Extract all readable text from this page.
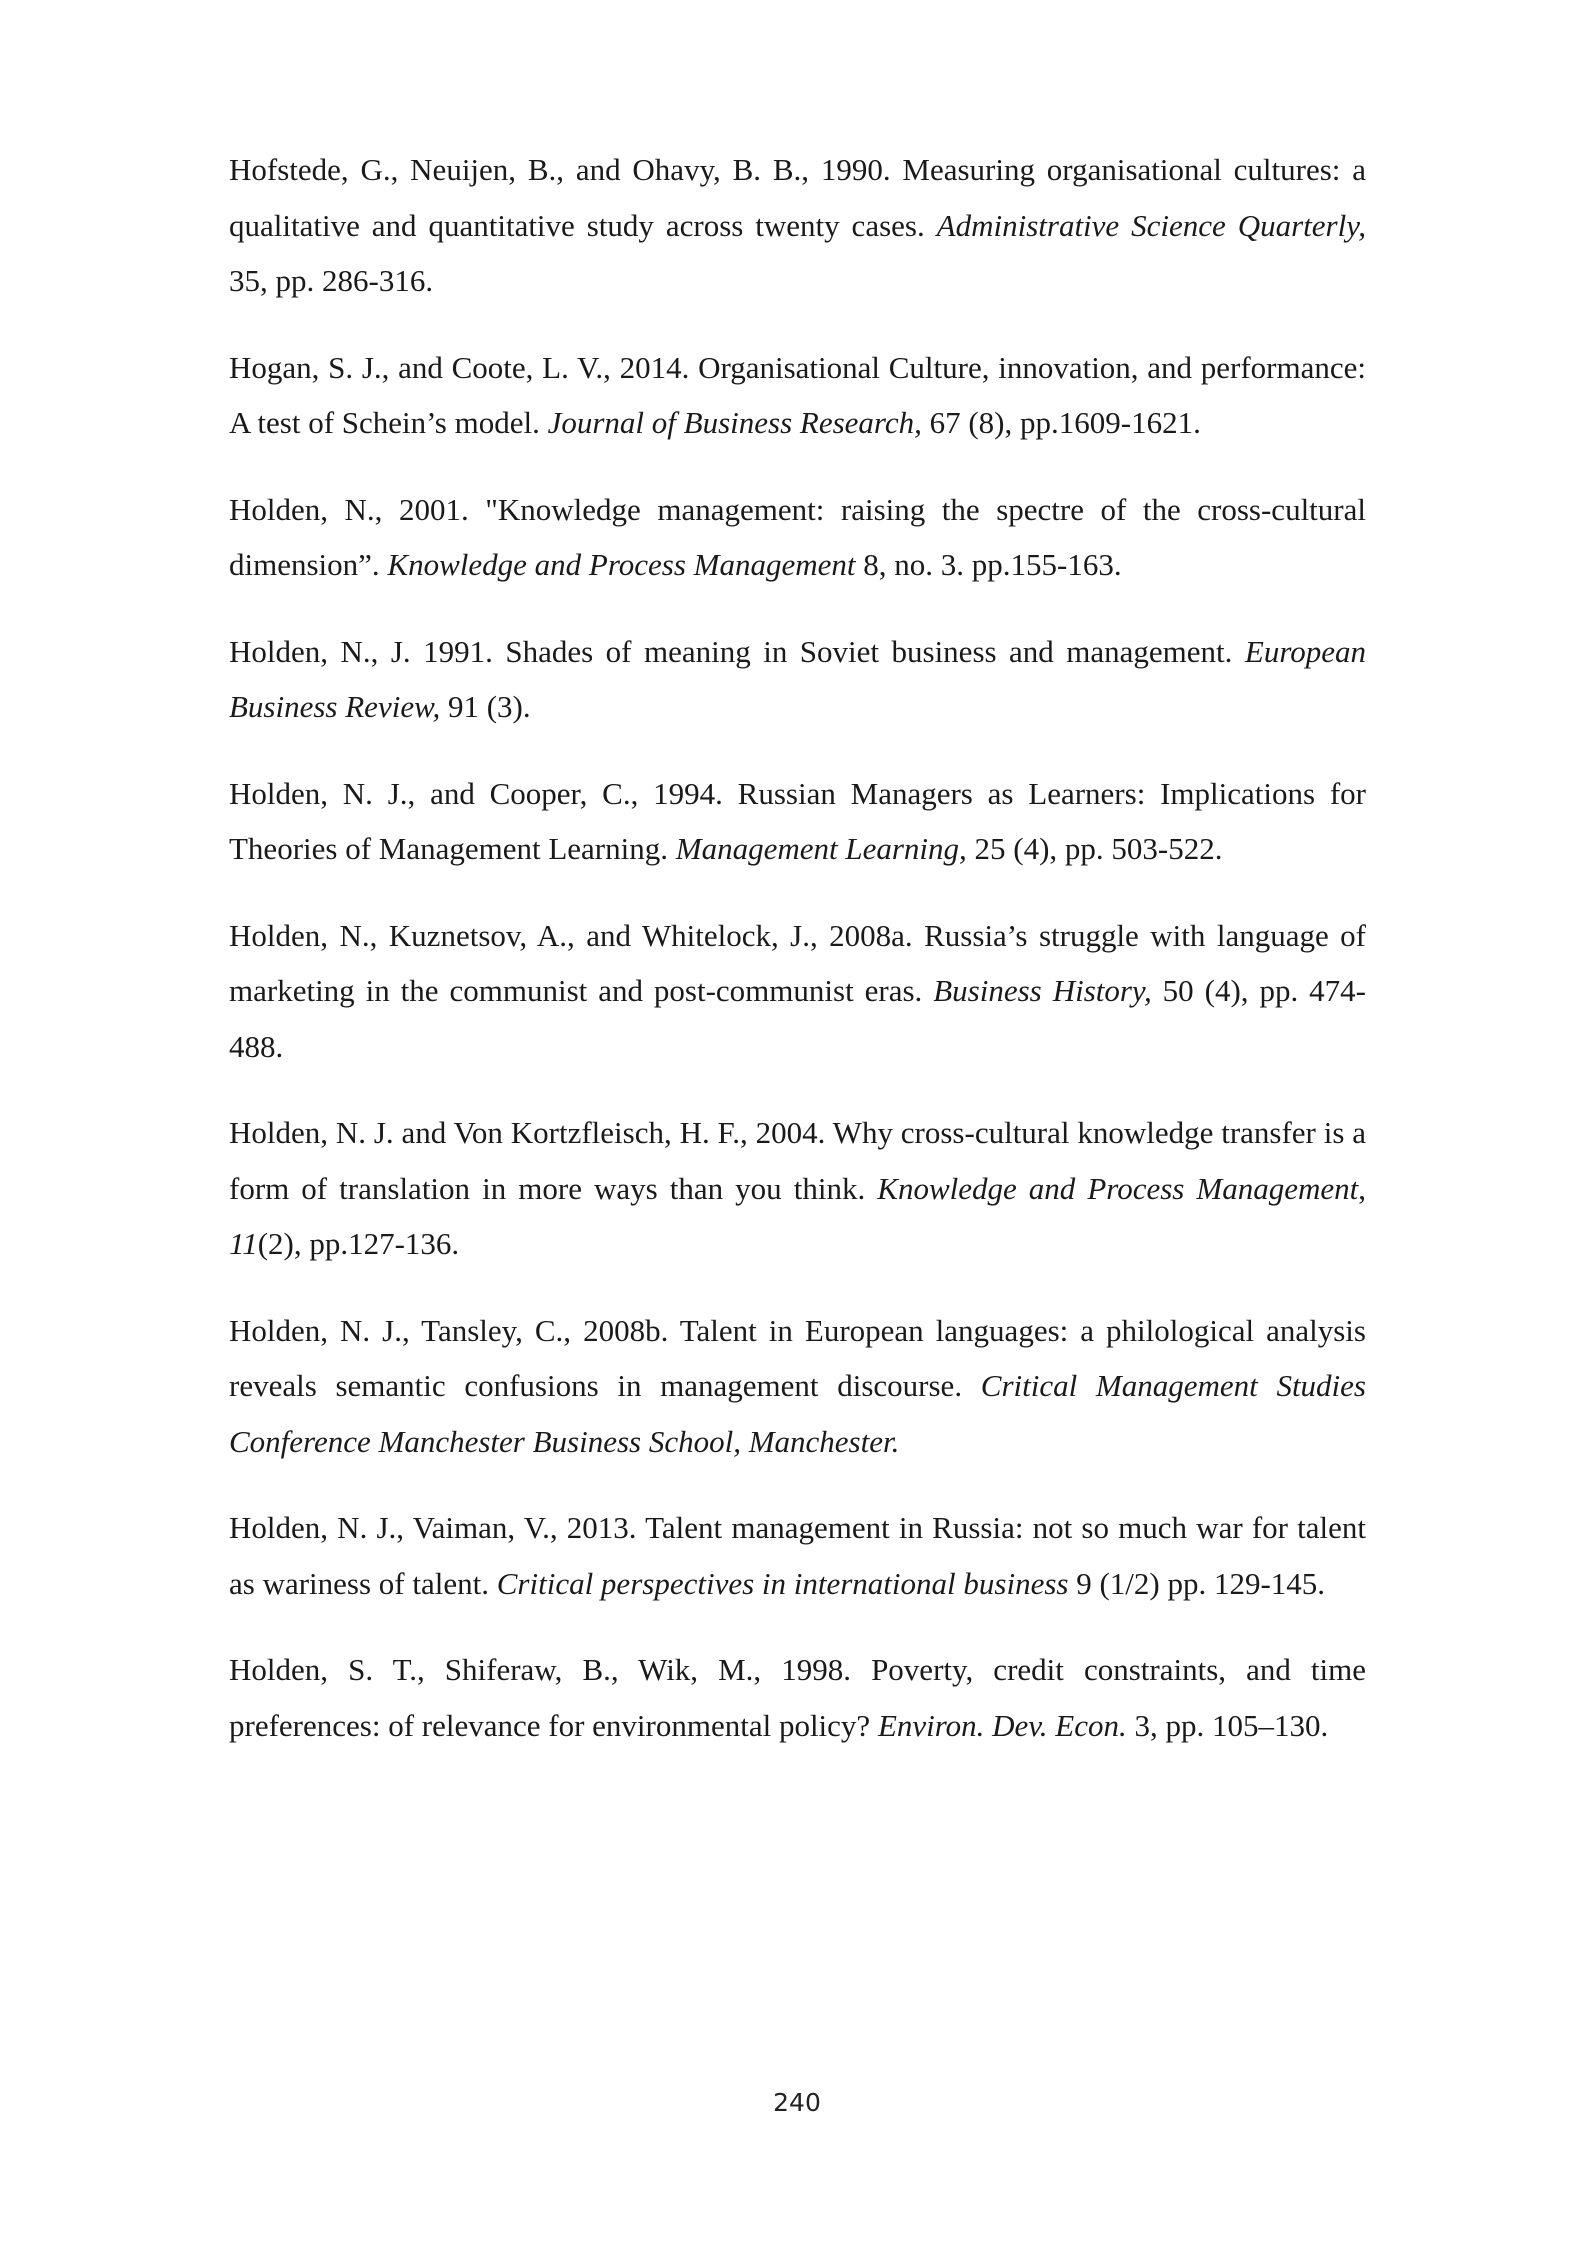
Hofstede, G., Neuijen, B., and Ohavy, B. B., 1990. Measuring organisational cultures: a qualitative and quantitative study across twenty cases. Administrative Science Quarterly, 35, pp. 286-316.

Hogan, S. J., and Coote, L. V., 2014. Organisational Culture, innovation, and performance: A test of Schein’s model. Journal of Business Research, 67 (8), pp.1609-1621.

Holden, N., 2001. "Knowledge management: raising the spectre of the cross-cultural dimension”. Knowledge and Process Management 8, no. 3. pp.155-163.

Holden, N., J. 1991. Shades of meaning in Soviet business and management. European Business Review, 91 (3).

Holden, N. J., and Cooper, C., 1994. Russian Managers as Learners: Implications for Theories of Management Learning. Management Learning, 25 (4), pp. 503-522.

Holden, N., Kuznetsov, A., and Whitelock, J., 2008a. Russia’s struggle with language of marketing in the communist and post-communist eras. Business History, 50 (4), pp. 474-488.

Holden, N. J. and Von Kortzfleisch, H. F., 2004. Why cross-cultural knowledge transfer is a form of translation in more ways than you think. Knowledge and Process Management, 11(2), pp.127-136.

Holden, N. J., Tansley, C., 2008b. Talent in European languages: a philological analysis reveals semantic confusions in management discourse. Critical Management Studies Conference Manchester Business School, Manchester.

Holden, N. J., Vaiman, V., 2013. Talent management in Russia: not so much war for talent as wariness of talent. Critical perspectives in international business 9 (1/2) pp. 129-145.

Holden, S. T., Shiferaw, B., Wik, M., 1998. Poverty, credit constraints, and time preferences: of relevance for environmental policy? Environ. Dev. Econ. 3, pp. 105–130.

240
